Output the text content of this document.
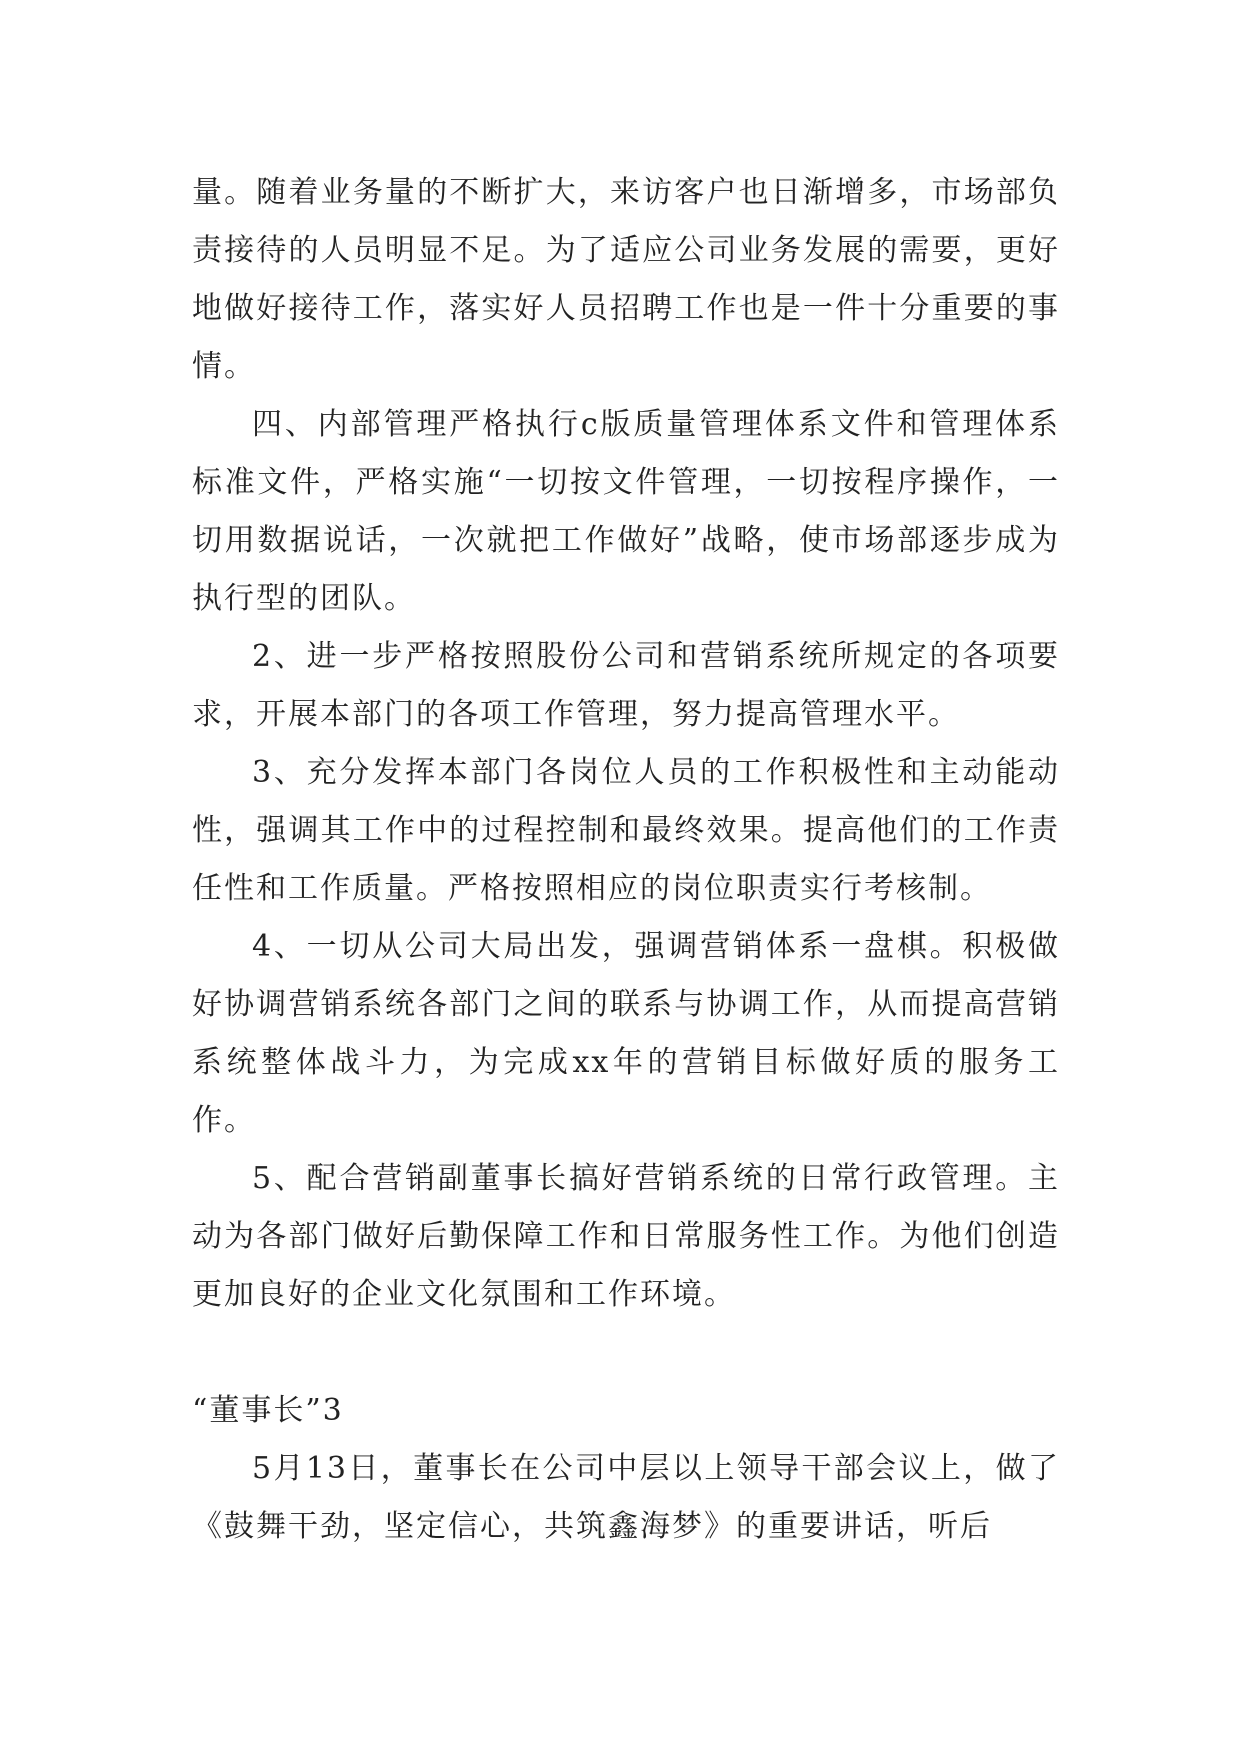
量。随着业务量的不断扩大，来访客户也日渐增多，市场部负责接待的人员明显不足。为了适应公司业务发展的需要，更好地做好接待工作，落实好人员招聘工作也是一件十分重要的事情。

四、内部管理严格执行c版质量管理体系文件和管理体系标准文件，严格实施“一切按文件管理，一切按程序操作，一切用数据说话，一次就把工作做好”战略，使市场部逐步成为执行型的团队。

2、进一步严格按照股份公司和营销系统所规定的各项要求，开展本部门的各项工作管理，努力提高管理水平。

3、充分发挥本部门各岗位人员的工作积极性和主动能动性，强调其工作中的过程控制和最终效果。提高他们的工作责任性和工作质量。严格按照相应的岗位职责实行考核制。

4、一切从公司大局出发，强调营销体系一盘棋。积极做好协调营销系统各部门之间的联系与协调工作，从而提高营销系统整体战斗力，为完成xx年的营销目标做好质的服务工作。

5、配合营销副董事长搞好营销系统的日常行政管理。主动为各部门做好后勤保障工作和日常服务性工作。为他们创造更加良好的企业文化氛围和工作环境。

“董事长”3

5月13日，董事长在公司中层以上领导干部会议上，做了《鼓舞干劲，坚定信心，共筑鑫海梦》的重要讲话，听后
